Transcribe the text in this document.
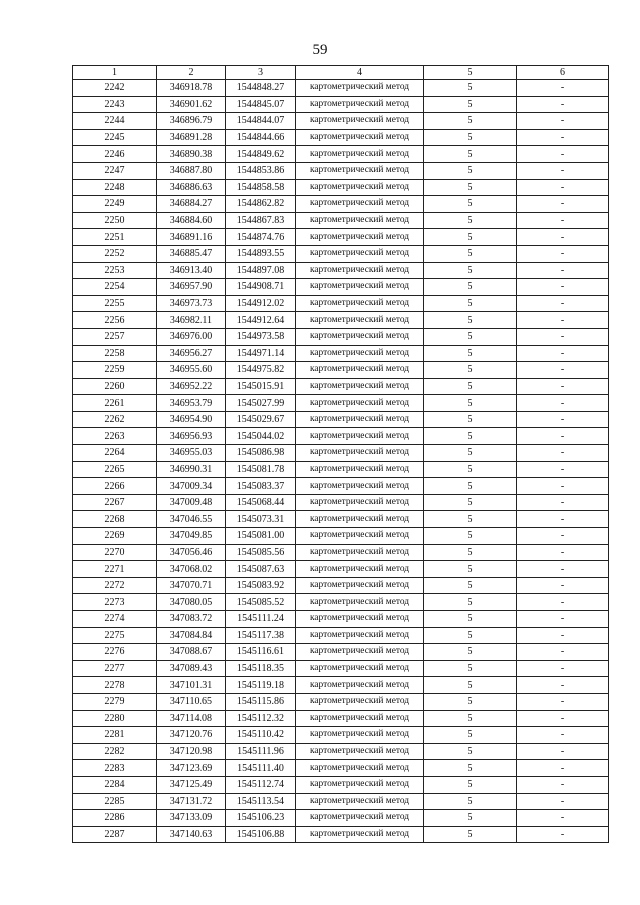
59
1	2	3	4	5	6
2242	346918.78	1544848.27	картометрический метод	5	-
2243	346901.62	1544845.07	картометрический метод	5	-
2244	346896.79	1544844.07	картометрический метод	5	-
2245	346891.28	1544844.66	картометрический метод	5	-
2246	346890.38	1544849.62	картометрический метод	5	-
2247	346887.80	1544853.86	картометрический метод	5	-
2248	346886.63	1544858.58	картометрический метод	5	-
2249	346884.27	1544862.82	картометрический метод	5	-
2250	346884.60	1544867.83	картометрический метод	5	-
2251	346891.16	1544874.76	картометрический метод	5	-
2252	346885.47	1544893.55	картометрический метод	5	-
2253	346913.40	1544897.08	картометрический метод	5	-
2254	346957.90	1544908.71	картометрический метод	5	-
2255	346973.73	1544912.02	картометрический метод	5	-
2256	346982.11	1544912.64	картометрический метод	5	-
2257	346976.00	1544973.58	картометрический метод	5	-
2258	346956.27	1544971.14	картометрический метод	5	-
2259	346955.60	1544975.82	картометрический метод	5	-
2260	346952.22	1545015.91	картометрический метод	5	-
2261	346953.79	1545027.99	картометрический метод	5	-
2262	346954.90	1545029.67	картометрический метод	5	-
2263	346956.93	1545044.02	картометрический метод	5	-
2264	346955.03	1545086.98	картометрический метод	5	-
2265	346990.31	1545081.78	картометрический метод	5	-
2266	347009.34	1545083.37	картометрический метод	5	-
2267	347009.48	1545068.44	картометрический метод	5	-
2268	347046.55	1545073.31	картометрический метод	5	-
2269	347049.85	1545081.00	картометрический метод	5	-
2270	347056.46	1545085.56	картометрический метод	5	-
2271	347068.02	1545087.63	картометрический метод	5	-
2272	347070.71	1545083.92	картометрический метод	5	-
2273	347080.05	1545085.52	картометрический метод	5	-
2274	347083.72	1545111.24	картометрический метод	5	-
2275	347084.84	1545117.38	картометрический метод	5	-
2276	347088.67	1545116.61	картометрический метод	5	-
2277	347089.43	1545118.35	картометрический метод	5	-
2278	347101.31	1545119.18	картометрический метод	5	-
2279	347110.65	1545115.86	картометрический метод	5	-
2280	347114.08	1545112.32	картометрический метод	5	-
2281	347120.76	1545110.42	картометрический метод	5	-
2282	347120.98	1545111.96	картометрический метод	5	-
2283	347123.69	1545111.40	картометрический метод	5	-
2284	347125.49	1545112.74	картометрический метод	5	-
2285	347131.72	1545113.54	картометрический метод	5	-
2286	347133.09	1545106.23	картометрический метод	5	-
2287	347140.63	1545106.88	картометрический метод	5	-
